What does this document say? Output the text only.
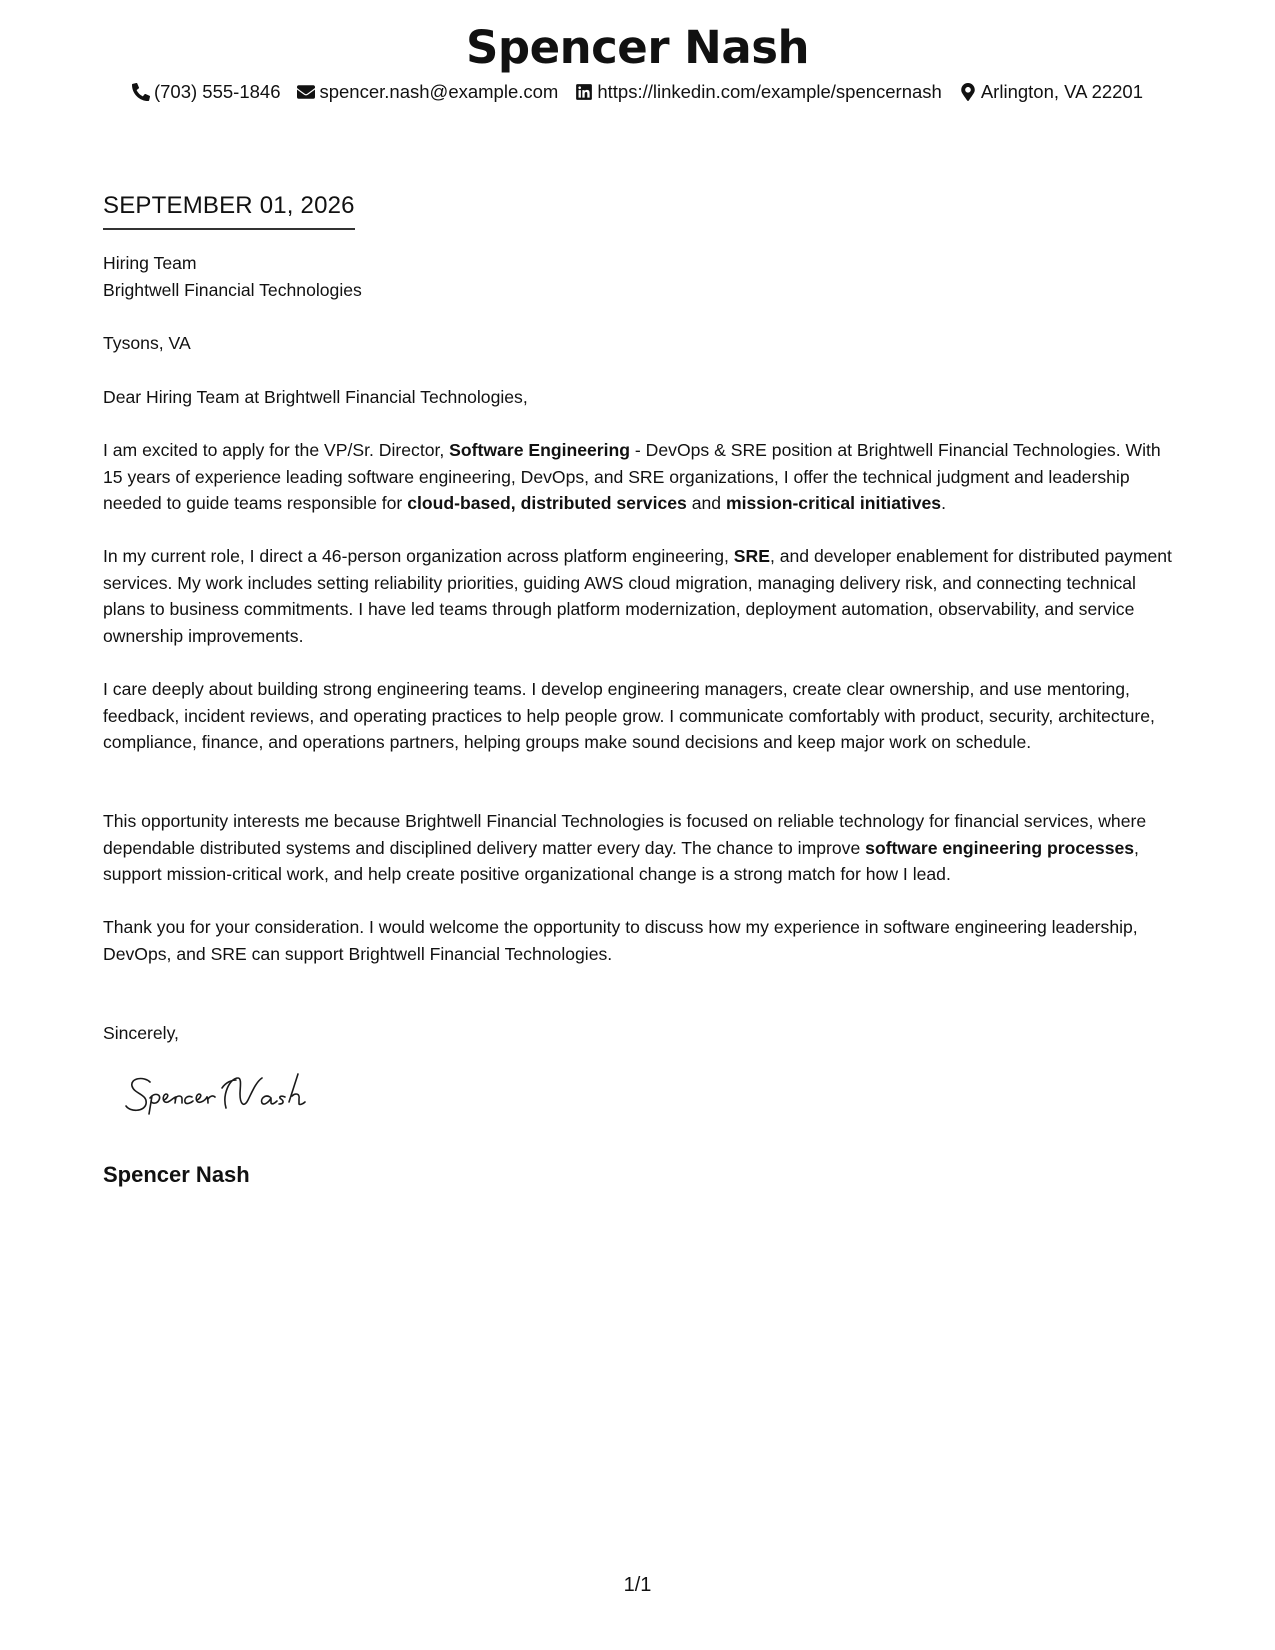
Spencer Nash
(703) 555-1846 spencer.nash@example.com https://linkedin.com/example/spencernash Arlington, VA 22201
SEPTEMBER 01, 2026

Hiring Team

Brightwell Financial Technologies

Tysons, VA
Dear Hiring Team at Brightwell Financial Technologies,
I am excited to apply for the VP/Sr. Director, Software Engineering - DevOps & SRE position at Brightwell Financial Technologies. With 15 years of experience leading software engineering, DevOps, and SRE organizations, I offer the technical judgment and leadership needed to guide teams responsible for cloud-based, distributed services and mission-critical initiatives.
In my current role, I direct a 46-person organization across platform engineering, SRE, and developer enablement for distributed payment services. My work includes setting reliability priorities, guiding AWS cloud migration, managing delivery risk, and connecting technical plans to business commitments. I have led teams through platform modernization, deployment automation, observability, and service ownership improvements.
I care deeply about building strong engineering teams. I develop engineering managers, create clear ownership, and use mentoring, feedback, incident reviews, and operating practices to help people grow. I communicate comfortably with product, security, architecture, compliance, finance, and operations partners, helping groups make sound decisions and keep major work on schedule.
This opportunity interests me because Brightwell Financial Technologies is focused on reliable technology for financial services, where dependable distributed systems and disciplined delivery matter every day. The chance to improve software engineering processes, support mission-critical work, and help create positive organizational change is a strong match for how I lead.
Thank you for your consideration. I would welcome the opportunity to discuss how my experience in software engineering leadership, DevOps, and SRE can support Brightwell Financial Technologies.
Sincerely,
Spencer Nash
1/1
